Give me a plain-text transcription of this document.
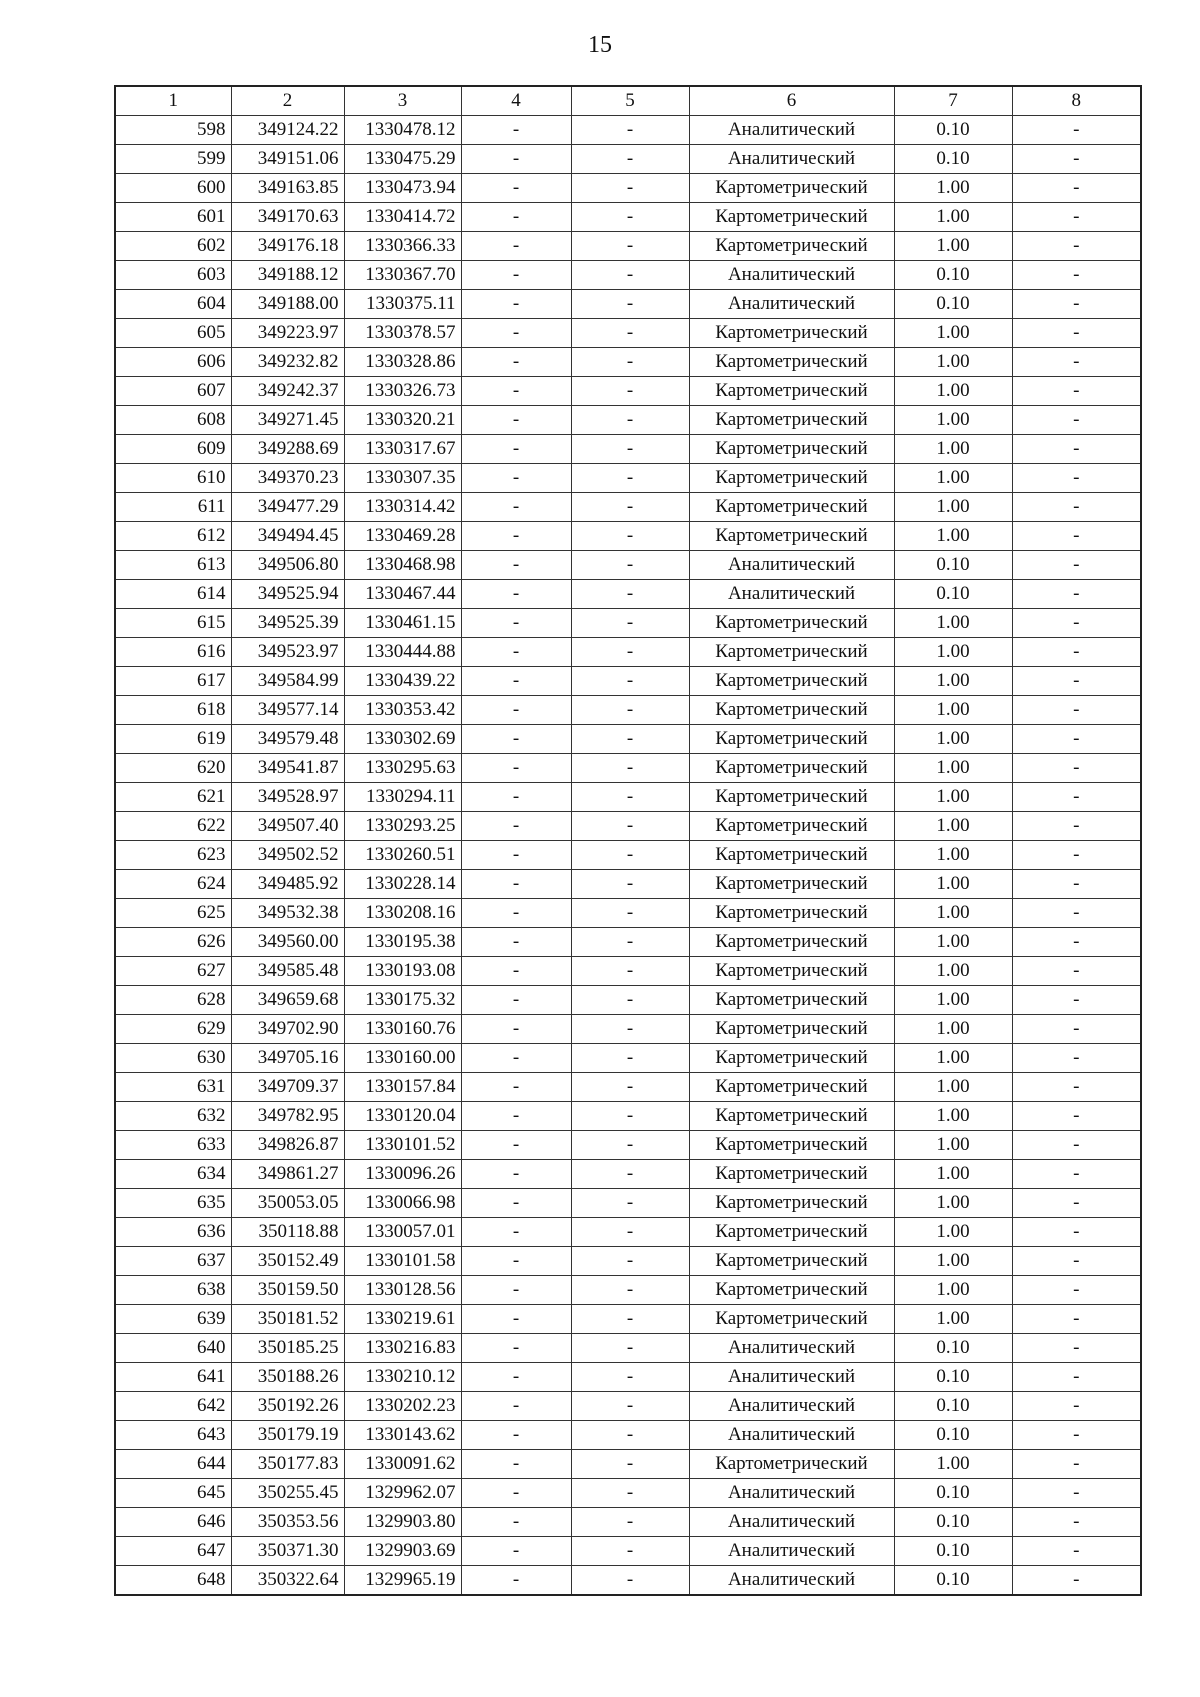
15
1	2	3	4	5	6	7	8
598	349124.22	1330478.12	-	-	Аналитический	0.10	-
599	349151.06	1330475.29	-	-	Аналитический	0.10	-
600	349163.85	1330473.94	-	-	Картометрический	1.00	-
601	349170.63	1330414.72	-	-	Картометрический	1.00	-
602	349176.18	1330366.33	-	-	Картометрический	1.00	-
603	349188.12	1330367.70	-	-	Аналитический	0.10	-
604	349188.00	1330375.11	-	-	Аналитический	0.10	-
605	349223.97	1330378.57	-	-	Картометрический	1.00	-
606	349232.82	1330328.86	-	-	Картометрический	1.00	-
607	349242.37	1330326.73	-	-	Картометрический	1.00	-
608	349271.45	1330320.21	-	-	Картометрический	1.00	-
609	349288.69	1330317.67	-	-	Картометрический	1.00	-
610	349370.23	1330307.35	-	-	Картометрический	1.00	-
611	349477.29	1330314.42	-	-	Картометрический	1.00	-
612	349494.45	1330469.28	-	-	Картометрический	1.00	-
613	349506.80	1330468.98	-	-	Аналитический	0.10	-
614	349525.94	1330467.44	-	-	Аналитический	0.10	-
615	349525.39	1330461.15	-	-	Картометрический	1.00	-
616	349523.97	1330444.88	-	-	Картометрический	1.00	-
617	349584.99	1330439.22	-	-	Картометрический	1.00	-
618	349577.14	1330353.42	-	-	Картометрический	1.00	-
619	349579.48	1330302.69	-	-	Картометрический	1.00	-
620	349541.87	1330295.63	-	-	Картометрический	1.00	-
621	349528.97	1330294.11	-	-	Картометрический	1.00	-
622	349507.40	1330293.25	-	-	Картометрический	1.00	-
623	349502.52	1330260.51	-	-	Картометрический	1.00	-
624	349485.92	1330228.14	-	-	Картометрический	1.00	-
625	349532.38	1330208.16	-	-	Картометрический	1.00	-
626	349560.00	1330195.38	-	-	Картометрический	1.00	-
627	349585.48	1330193.08	-	-	Картометрический	1.00	-
628	349659.68	1330175.32	-	-	Картометрический	1.00	-
629	349702.90	1330160.76	-	-	Картометрический	1.00	-
630	349705.16	1330160.00	-	-	Картометрический	1.00	-
631	349709.37	1330157.84	-	-	Картометрический	1.00	-
632	349782.95	1330120.04	-	-	Картометрический	1.00	-
633	349826.87	1330101.52	-	-	Картометрический	1.00	-
634	349861.27	1330096.26	-	-	Картометрический	1.00	-
635	350053.05	1330066.98	-	-	Картометрический	1.00	-
636	350118.88	1330057.01	-	-	Картометрический	1.00	-
637	350152.49	1330101.58	-	-	Картометрический	1.00	-
638	350159.50	1330128.56	-	-	Картометрический	1.00	-
639	350181.52	1330219.61	-	-	Картометрический	1.00	-
640	350185.25	1330216.83	-	-	Аналитический	0.10	-
641	350188.26	1330210.12	-	-	Аналитический	0.10	-
642	350192.26	1330202.23	-	-	Аналитический	0.10	-
643	350179.19	1330143.62	-	-	Аналитический	0.10	-
644	350177.83	1330091.62	-	-	Картометрический	1.00	-
645	350255.45	1329962.07	-	-	Аналитический	0.10	-
646	350353.56	1329903.80	-	-	Аналитический	0.10	-
647	350371.30	1329903.69	-	-	Аналитический	0.10	-
648	350322.64	1329965.19	-	-	Аналитический	0.10	-
